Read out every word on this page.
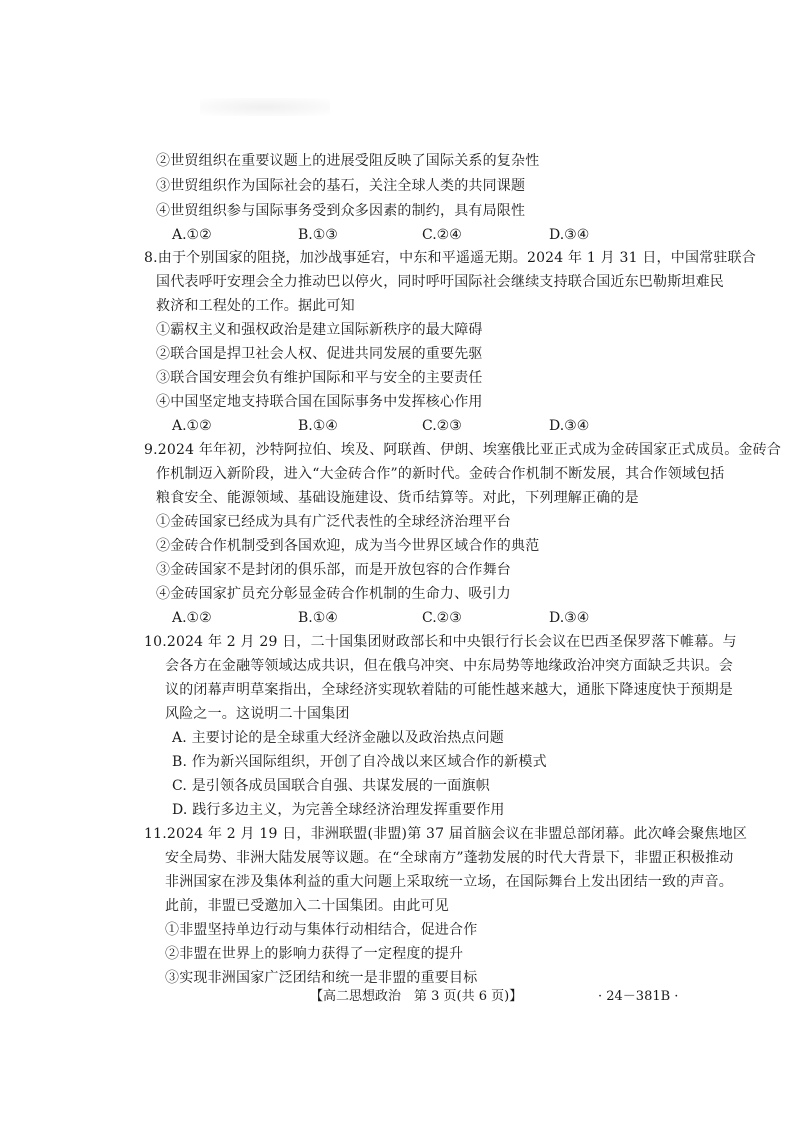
②世贸组织在重要议题上的进展受阻反映了国际关系的复杂性
③世贸组织作为国际社会的基石，关注全球人类的共同课题
④世贸组织参与国际事务受到众多因素的制约，具有局限性
A.①②	B.①③	C.②④	D.③④
8.由于个别国家的阻挠，加沙战事延宕，中东和平遥遥无期。2024 年 1 月 31 日，中国常驻联合
国代表呼吁安理会全力推动巴以停火，同时呼吁国际社会继续支持联合国近东巴勒斯坦难民
救济和工程处的工作。据此可知
①霸权主义和强权政治是建立国际新秩序的最大障碍
②联合国是捍卫社会人权、促进共同发展的重要先驱
③联合国安理会负有维护国际和平与安全的主要责任
④中国坚定地支持联合国在国际事务中发挥核心作用
A.①②	B.①④	C.②③	D.③④
9.2024 年年初，沙特阿拉伯、埃及、阿联酋、伊朗、埃塞俄比亚正式成为金砖国家正式成员。金砖合
作机制迈入新阶段，进入“大金砖合作”的新时代。金砖合作机制不断发展，其合作领域包括
粮食安全、能源领域、基础设施建设、货币结算等。对此，下列理解正确的是
①金砖国家已经成为具有广泛代表性的全球经济治理平台
②金砖合作机制受到各国欢迎，成为当今世界区域合作的典范
③金砖国家不是封闭的俱乐部，而是开放包容的合作舞台
④金砖国家扩员充分彰显金砖合作机制的生命力、吸引力
A.①②	B.①④	C.②③	D.③④
10.2024 年 2 月 29 日，二十国集团财政部长和中央银行行长会议在巴西圣保罗落下帷幕。与
会各方在金融等领域达成共识，但在俄乌冲突、中东局势等地缘政治冲突方面缺乏共识。会
议的闭幕声明草案指出，全球经济实现软着陆的可能性越来越大，通胀下降速度快于预期是
风险之一。这说明二十国集团
A. 主要讨论的是全球重大经济金融以及政治热点问题
B. 作为新兴国际组织，开创了自冷战以来区域合作的新模式
C. 是引领各成员国联合自强、共谋发展的一面旗帜
D. 践行多边主义，为完善全球经济治理发挥重要作用
11.2024 年 2 月 19 日，非洲联盟(非盟)第 37 届首脑会议在非盟总部闭幕。此次峰会聚焦地区
安全局势、非洲大陆发展等议题。在“全球南方”蓬勃发展的时代大背景下，非盟正积极推动
非洲国家在涉及集体利益的重大问题上采取统一立场，在国际舞台上发出团结一致的声音。
此前，非盟已受邀加入二十国集团。由此可见
①非盟坚持单边行动与集体行动相结合，促进合作
②非盟在世界上的影响力获得了一定程度的提升
③实现非洲国家广泛团结和统一是非盟的重要目标
【高二思想政治　第 3 页(共 6 页)】	· 24－381B ·
